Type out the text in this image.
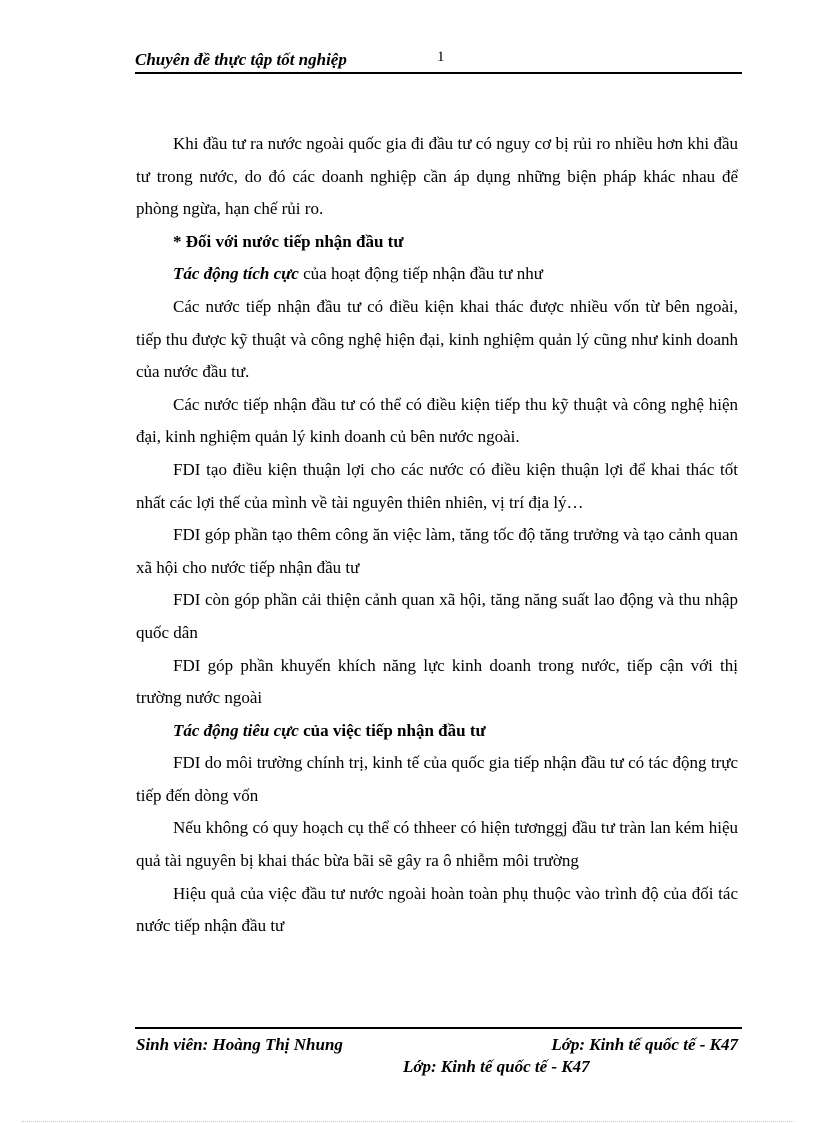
Chuyên đề thực tập tốt nghiệp	1

Khi đầu tư ra nước ngoài quốc gia đi đầu tư có nguy cơ bị rủi ro nhiều hơn khi đầu tư trong nước, do đó các doanh nghiệp cần áp dụng những biện pháp khác nhau để phòng ngừa, hạn chế rủi ro.

* Đối với nước tiếp nhận đầu tư

Tác động tích cực của hoạt động tiếp nhận đầu tư như

Các nước tiếp nhận đầu tư có điều kiện khai thác được nhiều vốn từ bên ngoài, tiếp thu được kỹ thuật và công nghệ hiện đại, kinh nghiệm quản lý cũng như kinh doanh của nước đầu tư.

Các nước tiếp nhận đầu tư có thể có điều kiện tiếp thu kỹ thuật và công nghệ hiện đại, kinh nghiệm quản lý kinh doanh củ bên nước ngoài.

FDI tạo điều kiện thuận lợi cho các nước có điều kiện thuận lợi để khai thác tốt nhất các lợi thế của mình về tài nguyên thiên nhiên, vị trí địa lý…

FDI góp phần tạo thêm công ăn việc làm, tăng tốc độ tăng trưởng và tạo cảnh quan xã hội cho nước tiếp nhận đầu tư

FDI còn góp phần cải thiện cảnh quan xã hội, tăng năng suất lao động và thu nhập quốc dân

FDI góp phần khuyến khích năng lực kinh doanh trong nước, tiếp cận với thị trường nước ngoài

Tác động tiêu cực của việc tiếp nhận đầu tư

FDI do môi trường chính trị, kinh tế của quốc gia tiếp nhận đầu tư có tác động trực tiếp đến dòng vốn

Nếu không có quy hoạch cụ thể có thheer có hiện tươnggj đầu tư tràn lan kém hiệu quả tài nguyên bị khai thác bừa bãi sẽ gây ra ô nhiễm môi trường

Hiệu quả của việc đầu tư nước ngoài hoàn toàn phụ thuộc vào trình độ của đối tác nước tiếp nhận đầu tư

Sinh viên: Hoàng Thị Nhung	Lớp: Kinh tế quốc tế - K47
Lớp: Kinh tế quốc tế - K47
